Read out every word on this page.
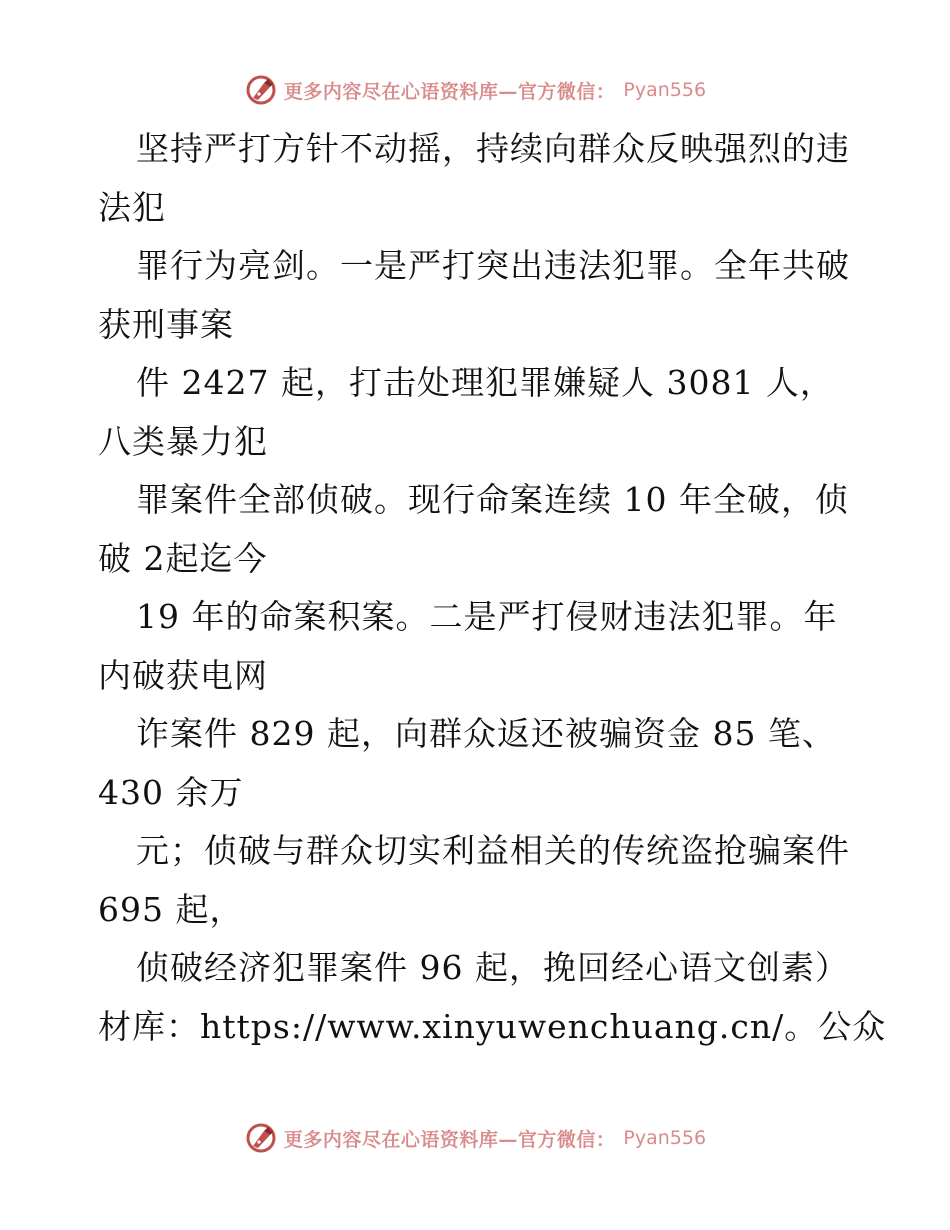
更多内容尽在心语资料库—官方微信： Pyan556
坚持严打方针不动摇，持续向群众反映强烈的违
法犯
罪行为亮剑。一是严打突出违法犯罪。全年共破
获刑事案
件 2427 起，打击处理犯罪嫌疑人 3081 人，
八类暴力犯
罪案件全部侦破。现行命案连续 10 年全破，侦
破 2起迄今
19 年的命案积案。二是严打侵财违法犯罪。年
内破获电网
诈案件 829 起，向群众返还被骗资金 85 笔、
430 余万
元；侦破与群众切实利益相关的传统盗抢骗案件
695 起，
侦破经济犯罪案件 96 起，挽回经心语文创素）
材库：https://www.xinyuwenchuang.cn/。公众
更多内容尽在心语资料库—官方微信： Pyan556
